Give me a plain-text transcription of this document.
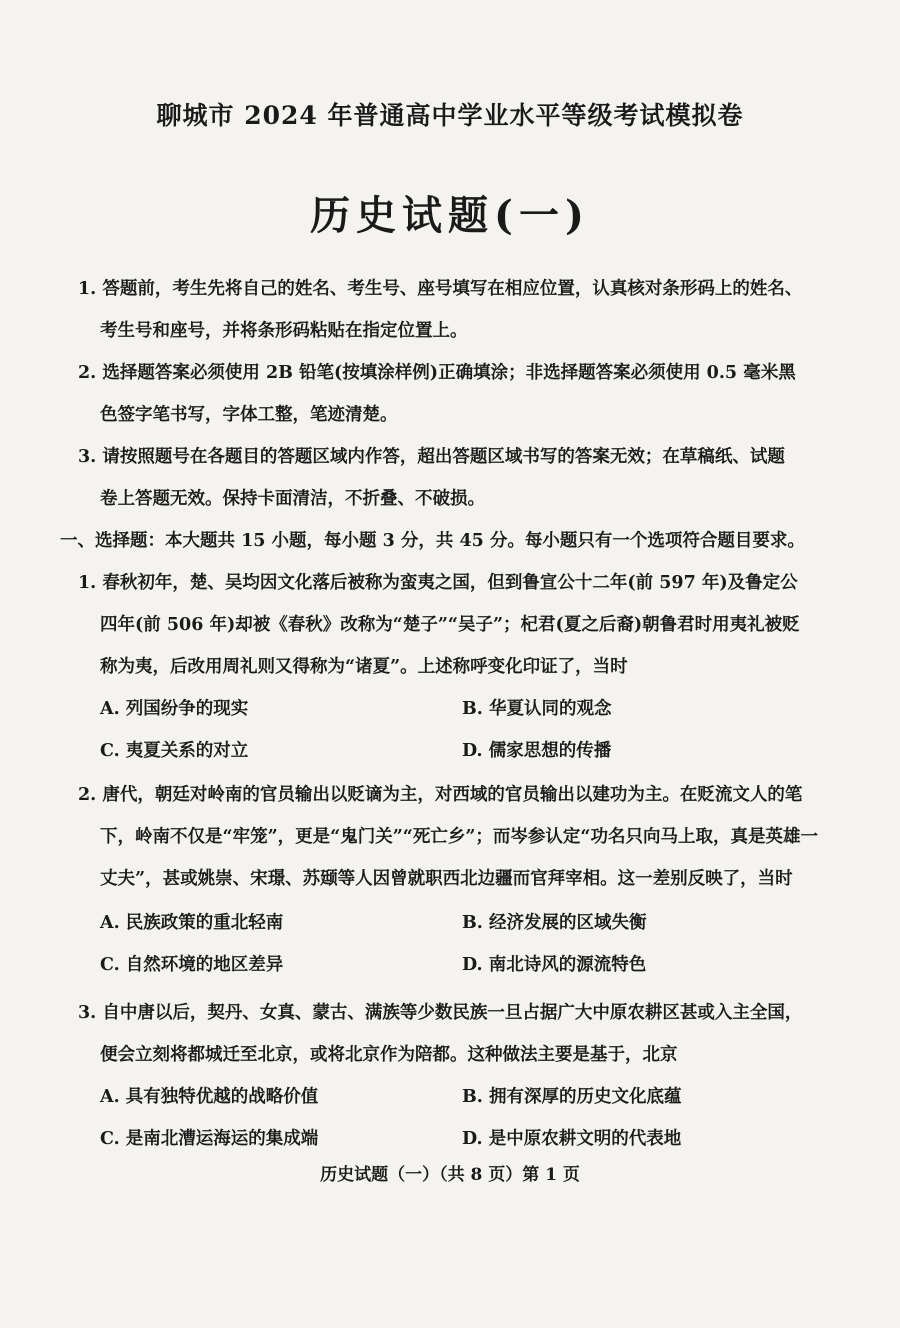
聊城市 2024 年普通高中学业水平等级考试模拟卷
历史试题(一)
1. 答题前，考生先将自己的姓名、考生号、座号填写在相应位置，认真核对条形码上的姓名、
考生号和座号，并将条形码粘贴在指定位置上。
2. 选择题答案必须使用 2B 铅笔(按填涂样例)正确填涂；非选择题答案必须使用 0.5 毫米黑
色签字笔书写，字体工整，笔迹清楚。
3. 请按照题号在各题目的答题区域内作答，超出答题区域书写的答案无效；在草稿纸、试题
卷上答题无效。保持卡面清洁，不折叠、不破损。
一、选择题：本大题共 15 小题，每小题 3 分，共 45 分。每小题只有一个选项符合题目要求。
1. 春秋初年，楚、吴均因文化落后被称为蛮夷之国，但到鲁宣公十二年(前 597 年)及鲁定公
四年(前 506 年)却被《春秋》改称为“楚子”“吴子”；杞君(夏之后裔)朝鲁君时用夷礼被贬
称为夷，后改用周礼则又得称为“诸夏”。上述称呼变化印证了，当时
A. 列国纷争的现实	B. 华夏认同的观念
C. 夷夏关系的对立	D. 儒家思想的传播
2. 唐代，朝廷对岭南的官员输出以贬谪为主，对西域的官员输出以建功为主。在贬流文人的笔
下，岭南不仅是“牢笼”，更是“鬼门关”“死亡乡”；而岑参认定“功名只向马上取，真是英雄一
丈夫”，甚或姚崇、宋璟、苏颋等人因曾就职西北边疆而官拜宰相。这一差别反映了，当时
A. 民族政策的重北轻南	B. 经济发展的区域失衡
C. 自然环境的地区差异	D. 南北诗风的源流特色
3. 自中唐以后，契丹、女真、蒙古、满族等少数民族一旦占据广大中原农耕区甚或入主全国，
便会立刻将都城迁至北京，或将北京作为陪都。这种做法主要是基于，北京
A. 具有独特优越的战略价值	B. 拥有深厚的历史文化底蕴
C. 是南北漕运海运的集成端	D. 是中原农耕文明的代表地
历史试题（一）（共 8 页）第 1 页
